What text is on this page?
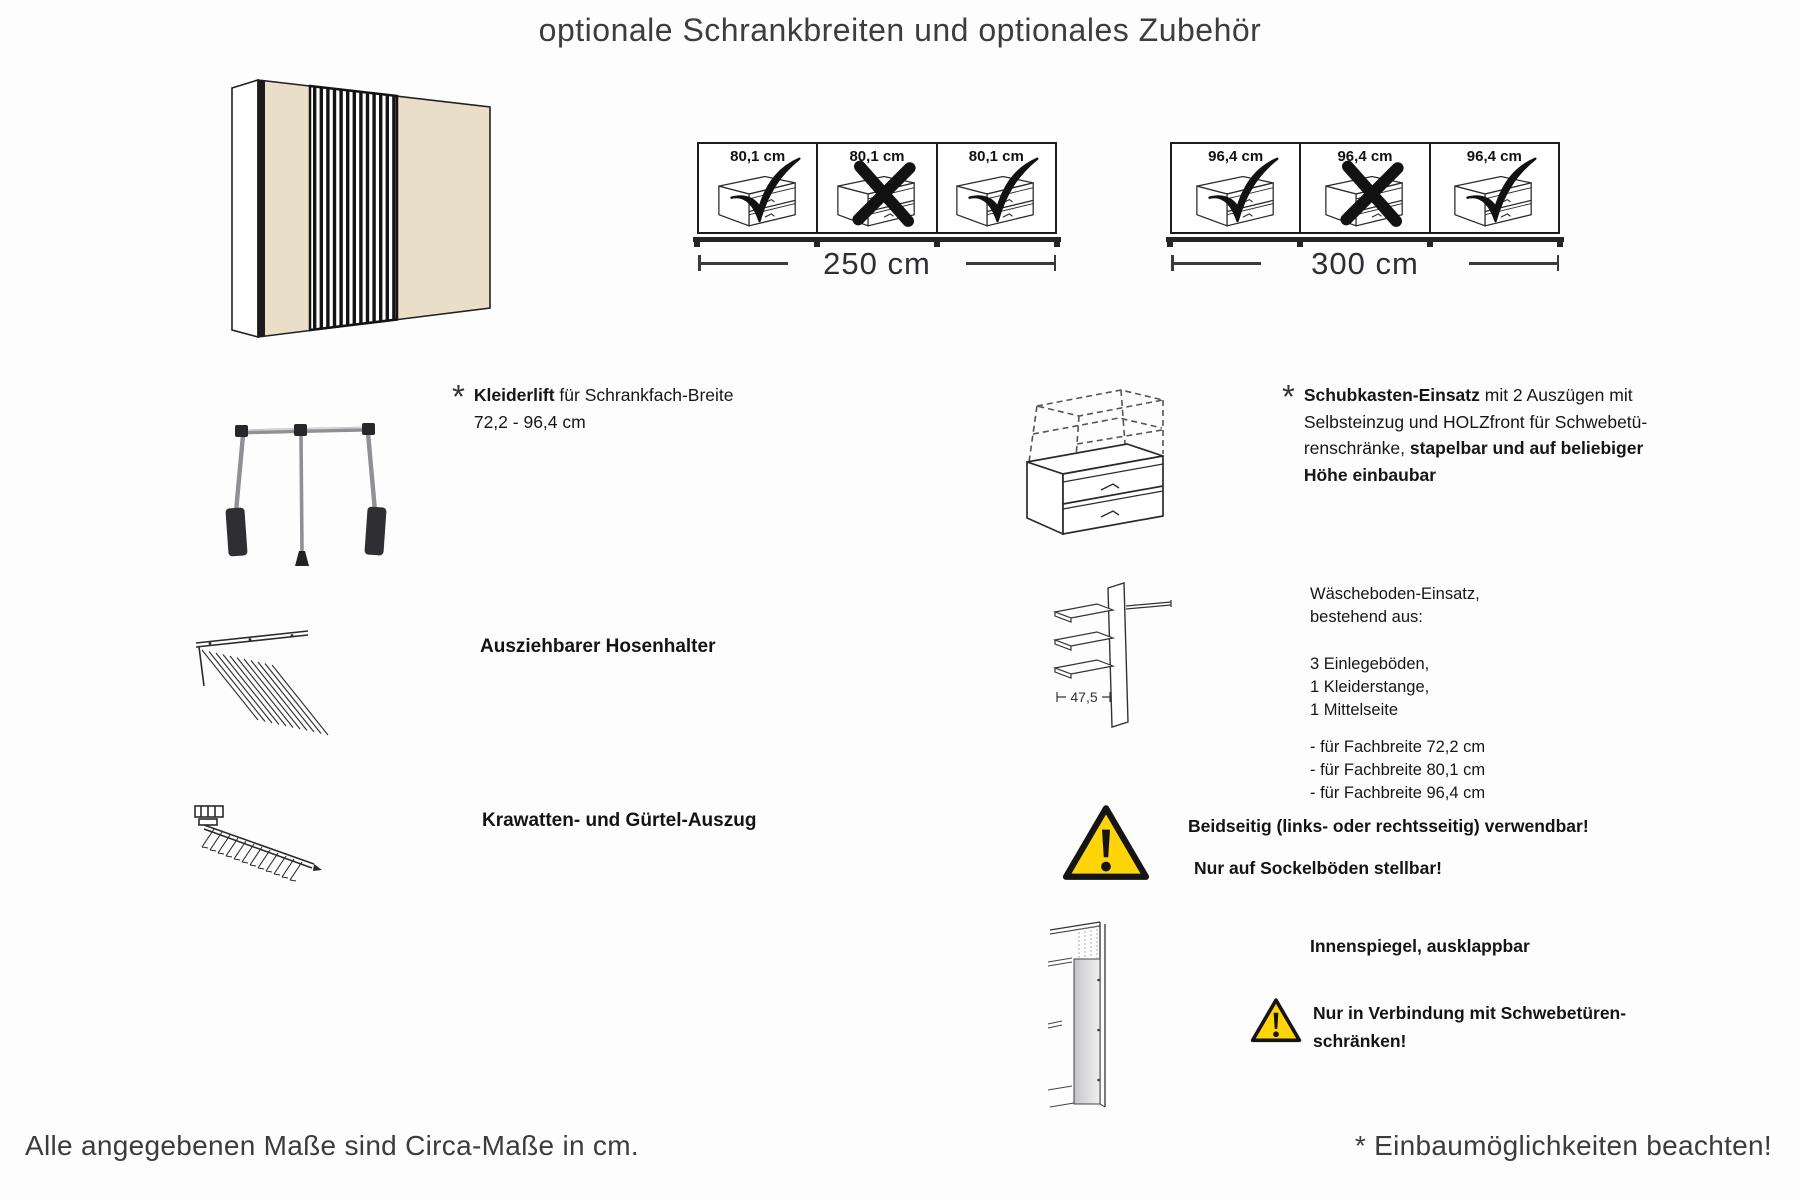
optionale Schrankbreiten und optionales Zubehör
80,1 cm	80,1 cm	80,1 cm
250 cm
96,4 cm	96,4 cm	96,4 cm
300 cm
* Kleiderlift für Schrankfach-Breite
72,2 - 96,4 cm
Ausziehbarer Hosenhalter
Krawatten- und Gürtel-Auszug
* Schubkasten-Einsatz mit 2 Auszügen mit
Selbsteinzug und HOLZfront für Schwebetü-
renschränke, stapelbar und auf beliebiger
Höhe einbaubar
47,5
Wäscheboden-Einsatz,
bestehend aus:
3 Einlegeböden,
1 Kleiderstange,
1 Mittelseite
- für Fachbreite 72,2 cm
- für Fachbreite 80,1 cm
- für Fachbreite 96,4 cm
Beidseitig (links- oder rechtsseitig) verwendbar!
Nur auf Sockelböden stellbar!
Innenspiegel, ausklappbar
Nur in Verbindung mit Schwebetüren-
schränken!
Alle angegebenen Maße sind Circa-Maße in cm.	* Einbaumöglichkeiten beachten!
